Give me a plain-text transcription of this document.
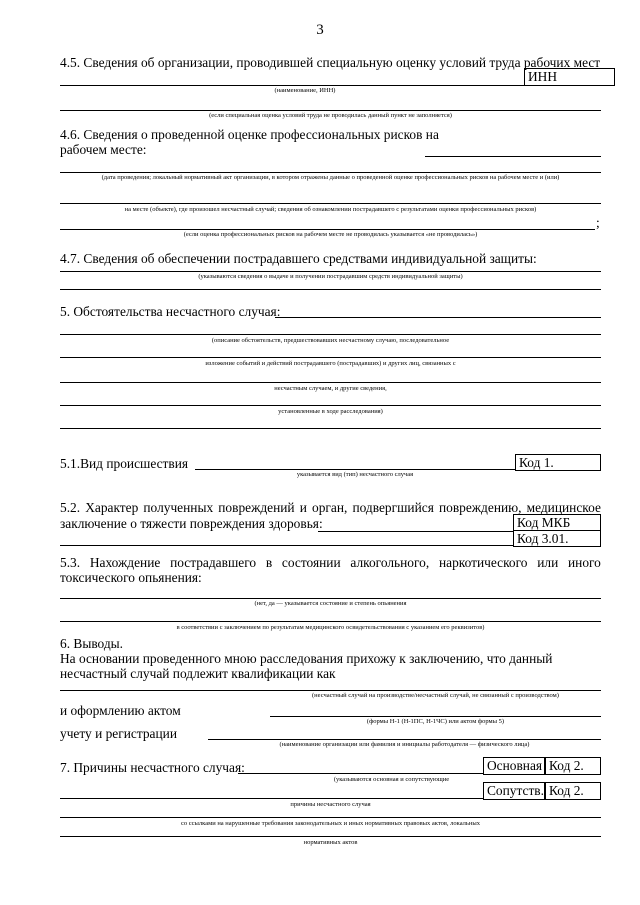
3
4.5. Сведения об организации, проводившей специальную оценку условий труда рабочих мест
ИНН
(наименование, ИНН)
(если специальная оценка условий труда не проводилась данный пункт не заполняется)
4.6. Сведения о проведенной оценке профессиональных рисков на
рабочем месте:
(дата проведения; локальный нормативный акт организации, в котором отражены данные о проведенной оценке профессиональных рисков на рабочем месте и (или)
на месте (объекте), где произошел несчастный случай; сведения об ознакомлении пострадавшего с результатами оценки профессиональных рисков)
;
(если оценка профессиональных рисков на рабочем месте не проводилась указывается «не проводилась»)
4.7. Сведения об обеспечении пострадавшего средствами индивидуальной защиты:
(указываются сведения о выдаче и получении пострадавшим средств индивидуальной защиты)
5. Обстоятельства несчастного случая:
(описание обстоятельств, предшествовавших несчастному случаю, последовательное
изложение событий и действий пострадавшего (пострадавших) и других лиц, связанных с
несчастным случаем, и другие сведения,
установленные в ходе расследования)
5.1.Вид происшествия	Код 1.
указывается вид (тип) несчастного случая
5.2. Характер полученных повреждений и орган, подвергшийся повреждению, медицинское
заключение о тяжести повреждения здоровья:	Код МКБ
Код 3.01.
5.3. Нахождение пострадавшего в состоянии алкогольного, наркотического или иного
токсического опьянения:
(нет, да — указывается состояние и степень опьянения
в соответствии с заключением по результатам медицинского освидетельствования с указанием его реквизитов)
6. Выводы.
На основании проведенного мною расследования прихожу к заключению, что данный
несчастный случай подлежит квалификации как
(несчастный случай на производстве/несчастный случай, не связанный с производством)
и оформлению актом
(формы Н-1 (Н-1ПС, Н-1ЧС) или актом формы 5)
учету и регистрации
(наименование организации или фамилия и инициалы работодателя — физического лица)
7. Причины несчастного случая:	Основная Код 2.
(указываются основная и сопутствующие
Сопутств. Код 2.
причины несчастного случая
со ссылками на нарушенные требования законодательных и иных нормативных правовых актов, локальных
нормативных актов
